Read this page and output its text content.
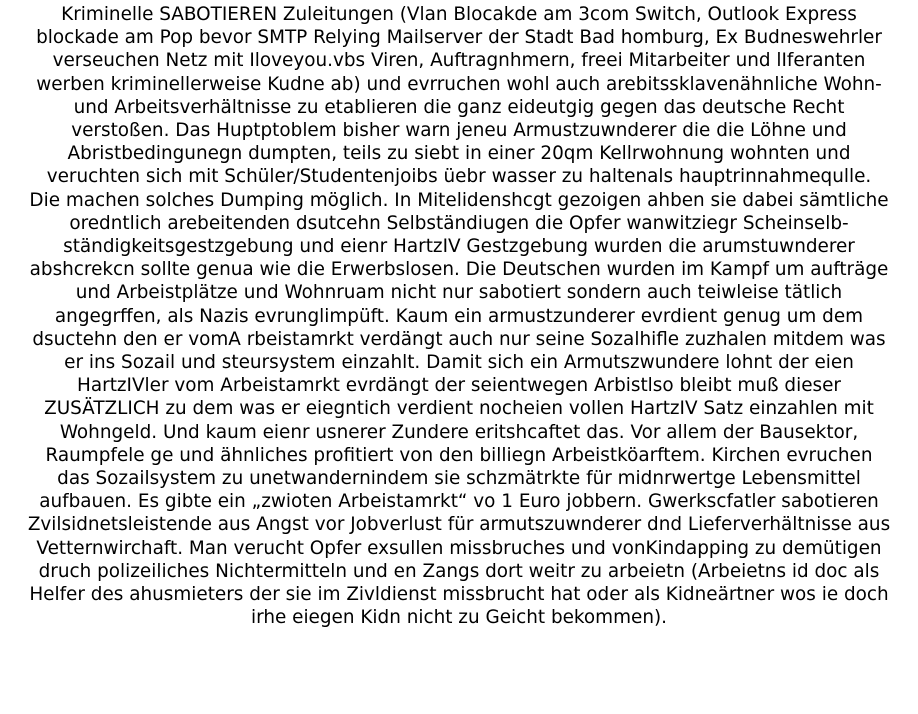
Kriminelle SABOTIEREN Zuleitungen (Vlan Blocakde am 3com Switch, Outlook Express
blockade am Pop bevor SMTP Relying Mailserver der Stadt Bad homburg, Ex Budneswehrler
verseuchen Netz mit Iloveyou.vbs Viren, Auftragnhmern, freei Mitarbeiter und lIferanten
werben kriminellerweise Kudne ab) und evrruchen wohl auch arebitssklavenähnliche Wohn-
und Arbeitsverhältnisse zu etablieren die ganz eideutgig gegen das deutsche Recht
verstoßen. Das Huptptoblem bisher warn jeneu Armustzuwnderer die die Löhne und
Abristbedingunegn dumpten, teils zu siebt in einer 20qm Kellrwohnung wohnten und
veruchten sich mit Schüler/Studentenjoibs üebr wasser zu haltenals hauptrinnahmequlle.
Die machen solches Dumping möglich. In Mitelidenshcgt gezoigen ahben sie dabei sämtliche
oredntlich arebeitenden dsutcehn Selbständiugen die Opfer wanwitziegr Scheinselb-
ständigkeitsgestzgebung und eienr HartzIV Gestzgebung wurden die arumstuwnderer
abshcrekcn sollte genua wie die Erwerbslosen. Die Deutschen wurden im Kampf um aufträge
und Arbeistplätze und Wohnruam nicht nur sabotiert sondern auch teiwleise tätlich
angegrffen, als Nazis evrunglimpüft. Kaum ein armustzunderer evrdient genug um dem
dsuctehn den er vomA rbeistamrkt verdängt auch nur seine Sozalhifle zuzhalen mitdem was
er ins Sozail und steursystem einzahlt. Damit sich ein Armutszwundere lohnt der eien
HartzIVler vom Arbeistamrkt evrdängt der seientwegen Arbistlso bleibt muß dieser
ZUSÄTZLICH zu dem was er eiegntich verdient nocheien vollen HartzIV Satz einzahlen mit
Wohngeld. Und kaum eienr usnerer Zundere eritshcaftet das. Vor allem der Bausektor,
Raumpfele ge und ähnliches profitiert von den billiegn Arbeistköarftem. Kirchen evruchen
das Sozailsystem zu unetwandernindem sie schzmätrkte für midnrwertge Lebensmittel
aufbauen. Es gibte ein „zwioten Arbeistamrkt“ vo 1 Euro jobbern. Gwerkscfatler sabotieren
Zvilsidnetsleistende aus Angst vor Jobverlust für armutszuwnderer dnd Lieferverhältnisse aus
Vetternwirchaft. Man verucht Opfer exsullen missbruches und vonKindapping zu demütigen
druch polizeiliches Nichtermitteln und en Zangs dort weitr zu arbeietn (Arbeietns id doc als
Helfer des ahusmieters der sie im Zivldienst missbrucht hat oder als Kidneärtner wos ie doch
irhe eiegen Kidn nicht zu Geicht bekommen).
